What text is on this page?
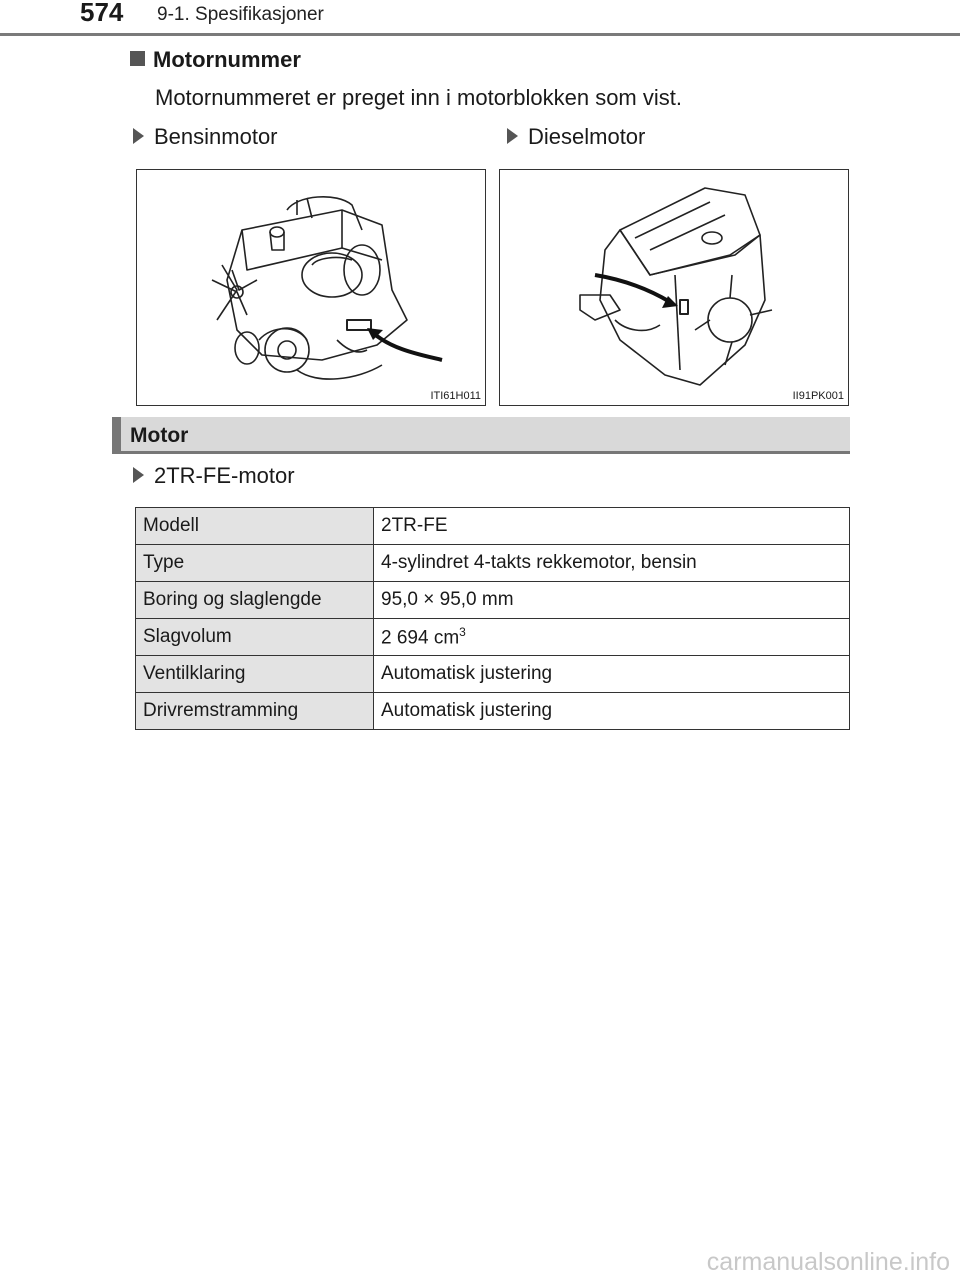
574 9-1. Spesifikasjoner
Motornummer
Motornummeret er preget inn i motorblokken som vist.
Bensinmotor	Dieselmotor
ITI61H011	II91PK001
Motor
2TR-FE-motor
Modell	2TR-FE
Type	4-sylindret 4-takts rekkemotor, bensin
Boring og slaglengde	95,0 × 95,0 mm
Slagvolum	2 694 $cm^3$
Ventilklaring	Automatisk justering
Drivremstramming	Automatisk justering
carmanualsonline.info
